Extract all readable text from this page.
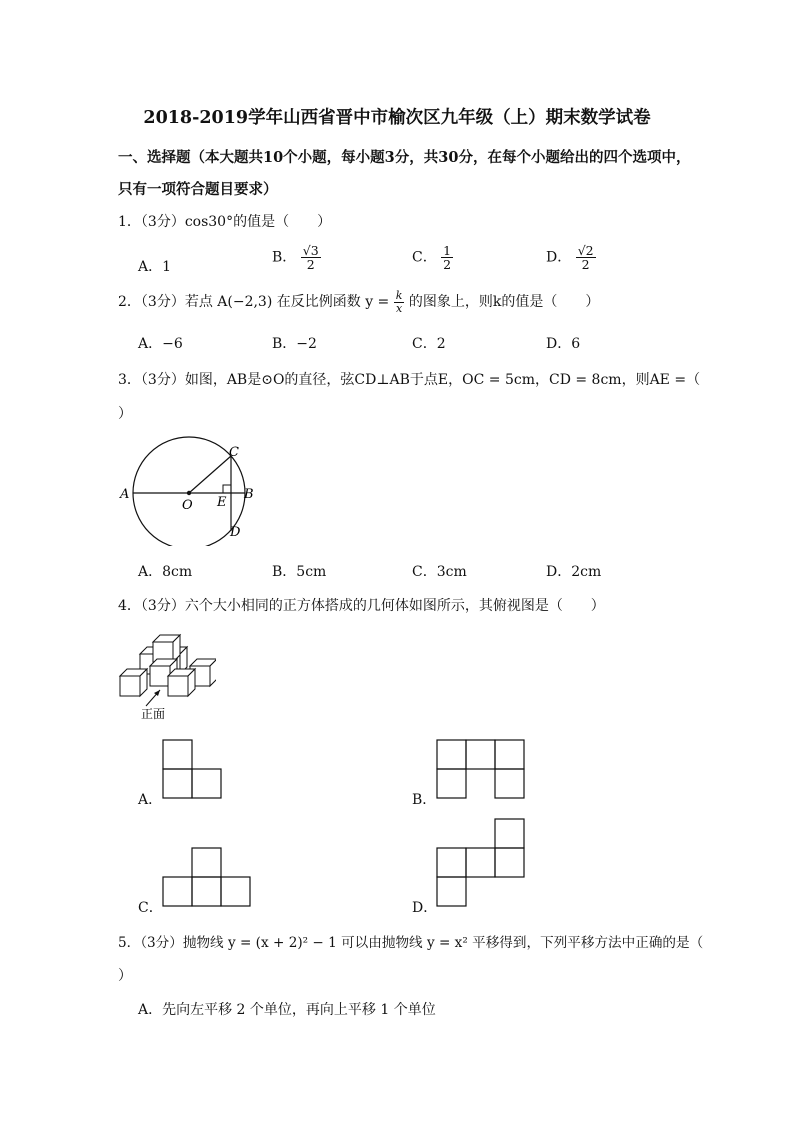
2018-2019学年山西省晋中市榆次区九年级（上）期末数学试卷
一、选择题（本大题共10个小题，每小题3分，共30分，在每个小题给出的四个选项中，
只有一项符合题目要求）
1．（3分）cos30°的值是（　　）
A．1
B． $\frac{√3}{2}$	C． $\frac{1}{2}$	D． $\frac{√2}{2}$
2．（3分）若点 A(−2,3) 在反比例函数 $y = \frac{k}{x}$ 的图象上，则k的值是（　　）
A．−6	B．−2	C．2	D．6
3．（3分）如图，AB是⊙O的直径，弦CD⊥AB于点E，OC = 5cm，CD = 8cm，则AE =（
）
A	B
C
D
E
O
A．8cm	B．5cm	C．3cm	D．2cm
4．（3分）六个大小相同的正方体搭成的几何体如图所示，其俯视图是（　　）
正面
A．	B．
C．	D．
5．（3分）抛物线 y = (x + 2)² − 1 可以由抛物线 y = x² 平移得到，下列平移方法中正确的是（
）
A．先向左平移 2 个单位，再向上平移 1 个单位
